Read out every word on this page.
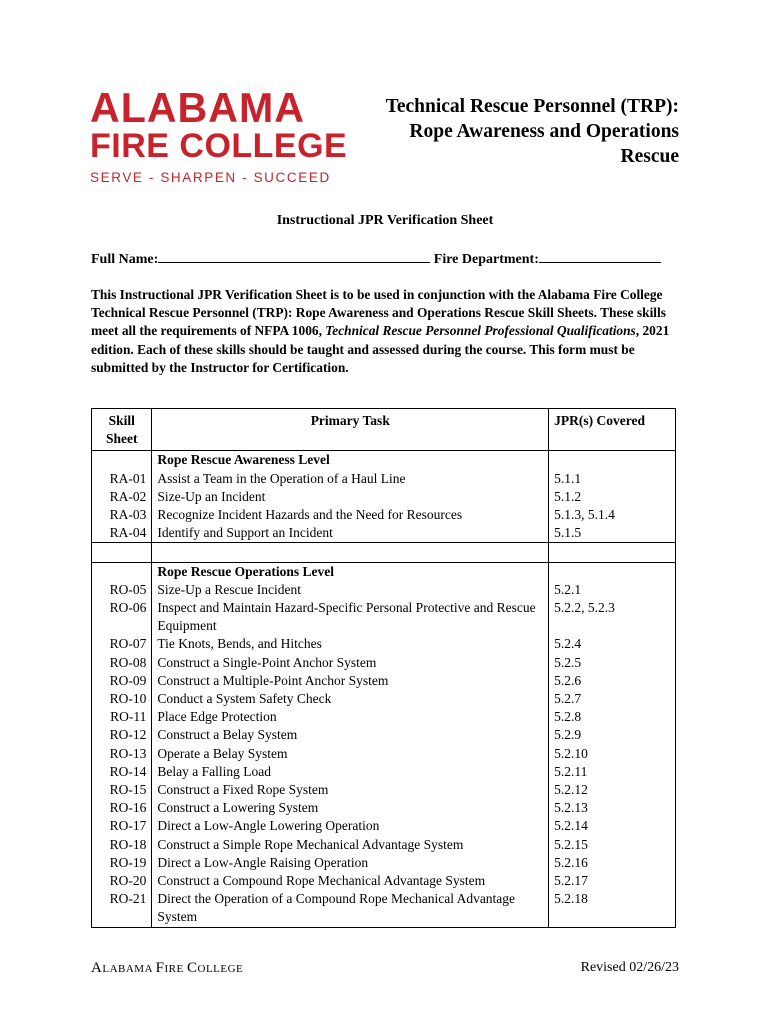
ALABAMA
FIRE COLLEGE
SERVE - SHARPEN - SUCCEED
Technical Rescue Personnel (TRP):
Rope Awareness and Operations
Rescue
Instructional JPR Verification Sheet
Full Name:	Fire Department:
This Instructional JPR Verification Sheet is to be used in conjunction with the Alabama Fire College Technical Rescue Personnel (TRP): Rope Awareness and Operations Rescue Skill Sheets. These skills meet all the requirements of NFPA 1006, Technical Rescue Personnel Professional Qualifications, 2021 edition. Each of these skills should be taught and assessed during the course. This form must be submitted by the Instructor for Certification.
Skill
Sheet	Primary Task	JPR(s) Covered
	Rope Rescue Awareness Level	
RA-01	Assist a Team in the Operation of a Haul Line	5.1.1
RA-02	Size-Up an Incident	5.1.2
RA-03	Recognize Incident Hazards and the Need for Resources	5.1.3, 5.1.4
RA-04	Identify and Support an Incident	5.1.5

	Rope Rescue Operations Level	
RO-05	Size-Up a Rescue Incident	5.2.1
RO-06	Inspect and Maintain Hazard-Specific Personal Protective and Rescue Equipment	5.2.2, 5.2.3
RO-07	Tie Knots, Bends, and Hitches	5.2.4
RO-08	Construct a Single-Point Anchor System	5.2.5
RO-09	Construct a Multiple-Point Anchor System	5.2.6
RO-10	Conduct a System Safety Check	5.2.7
RO-11	Place Edge Protection	5.2.8
RO-12	Construct a Belay System	5.2.9
RO-13	Operate a Belay System	5.2.10
RO-14	Belay a Falling Load	5.2.11
RO-15	Construct a Fixed Rope System	5.2.12
RO-16	Construct a Lowering System	5.2.13
RO-17	Direct a Low-Angle Lowering Operation	5.2.14
RO-18	Construct a Simple Rope Mechanical Advantage System	5.2.15
RO-19	Direct a Low-Angle Raising Operation	5.2.16
RO-20	Construct a Compound Rope Mechanical Advantage System	5.2.17
RO-21	Direct the Operation of a Compound Rope Mechanical Advantage System	5.2.18
ALABAMA FIRE COLLEGE	Revised 02/26/23
